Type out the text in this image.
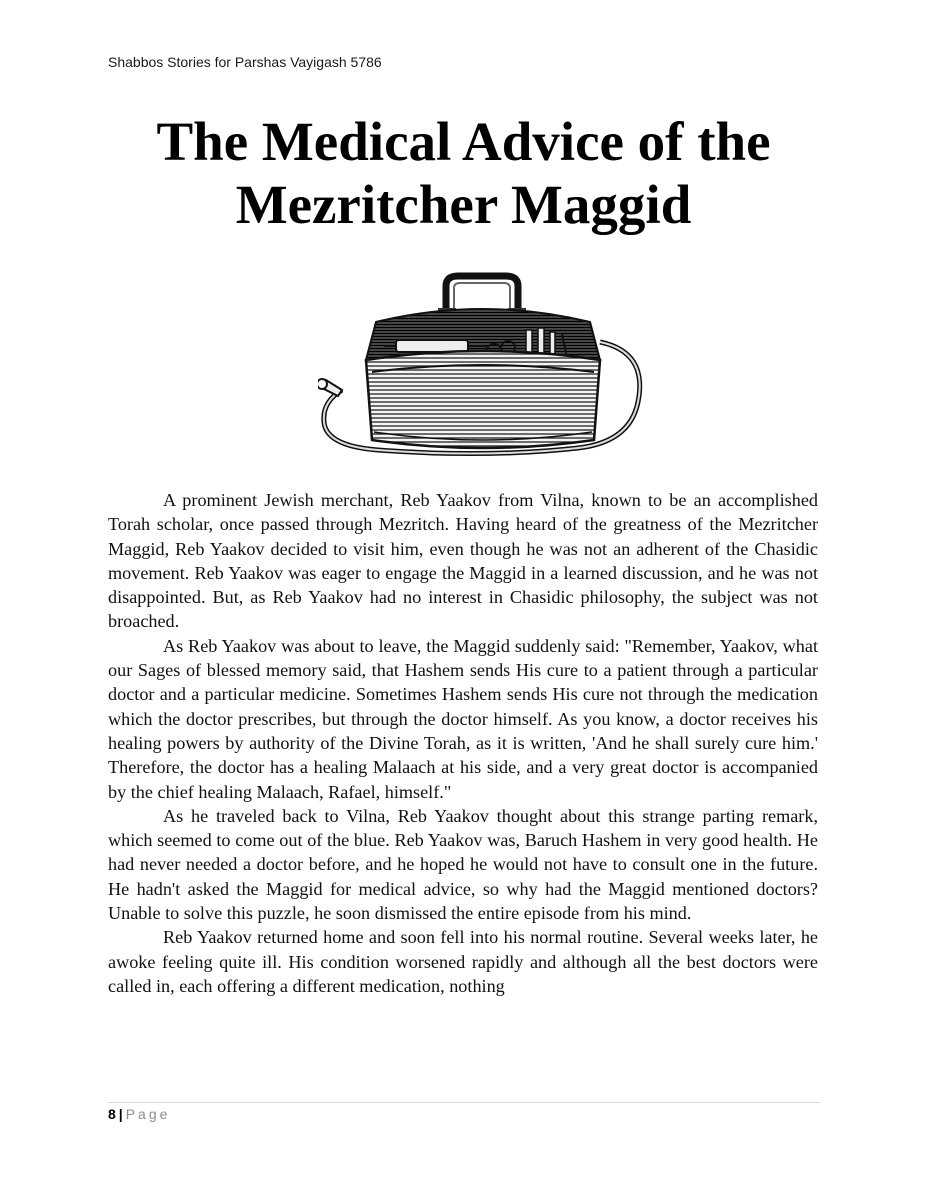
Shabbos Stories for Parshas Vayigash 5786
The Medical Advice of the
Mezritcher Maggid

A prominent Jewish merchant, Reb Yaakov from Vilna, known to be an accomplished Torah scholar, once passed through Mezritch. Having heard of the greatness of the Mezritcher Maggid, Reb Yaakov decided to visit him, even though he was not an adherent of the Chasidic movement. Reb Yaakov was eager to engage the Maggid in a learned discussion, and he was not disappointed. But, as Reb Yaakov had no interest in Chasidic philosophy, the subject was not broached.

As Reb Yaakov was about to leave, the Maggid suddenly said: "Remember, Yaakov, what our Sages of blessed memory said, that Hashem sends His cure to a patient through a particular doctor and a particular medicine. Sometimes Hashem sends His cure not through the medication which the doctor prescribes, but through the doctor himself. As you know, a doctor receives his healing powers by authority of the Divine Torah, as it is written, 'And he shall surely cure him.' Therefore, the doctor has a healing Malaach at his side, and a very great doctor is accompanied by the chief healing Malaach, Rafael, himself."

As he traveled back to Vilna, Reb Yaakov thought about this strange parting remark, which seemed to come out of the blue. Reb Yaakov was, Baruch Hashem in very good health. He had never needed a doctor before, and he hoped he would not have to consult one in the future. He hadn't asked the Maggid for medical advice, so why had the Maggid mentioned doctors? Unable to solve this puzzle, he soon dismissed the entire episode from his mind.

Reb Yaakov returned home and soon fell into his normal routine. Several weeks later, he awoke feeling quite ill. His condition worsened rapidly and although all the best doctors were called in, each offering a different medication, nothing

8 | Page
